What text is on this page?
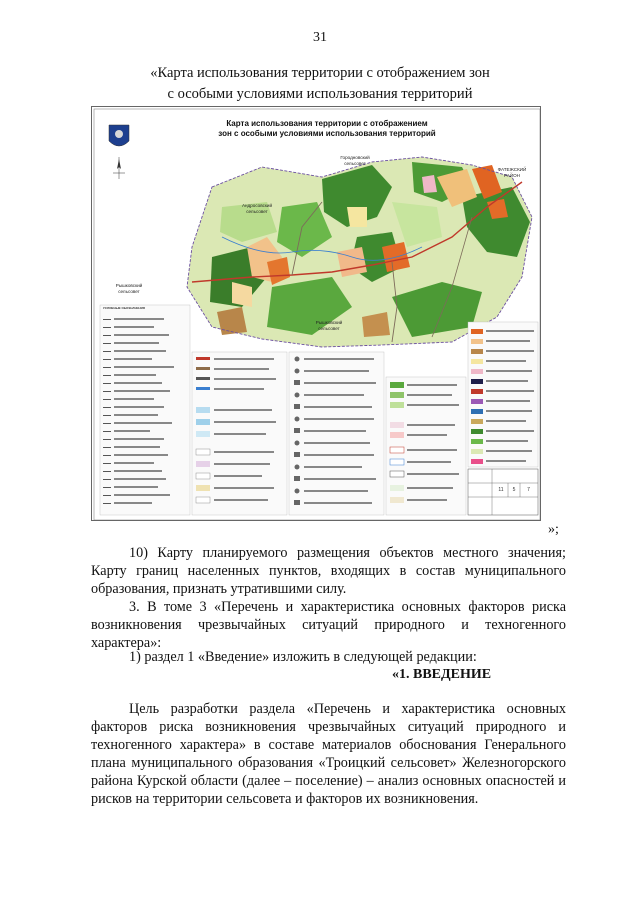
31
«Карта использования территории с отображением зон
с особыми условиями использования территорий
Карта использования территории с отображением
зон с особыми условиями использования территорий
Городновский
сельсовет
ФАТЕЖСКИЙ
РАЙОН
Андросовский
сельсовет
Рышковский
сельсовет
Рышковский
сельсовет
УСЛОВНЫЕ ОБОЗНАЧЕНИЯ
11	5	7
»;
10) Карту планируемого размещения объектов местного значения; Карту границ населенных пунктов, входящих в состав муниципального образования, признать утратившими силу.
3. В томе 3 «Перечень и характеристика основных факторов риска возникновения чрезвычайных ситуаций природного и техногенного характера»:
1) раздел 1 «Введение» изложить в следующей редакции:
«1. ВВЕДЕНИЕ
Цель разработки раздела «Перечень и характеристика основных факторов риска возникновения чрезвычайных ситуаций природного и техногенного характера» в составе материалов обоснования Генерального плана муниципального образования «Троицкий сельсовет» Железногорского района Курской области (далее – поселение) – анализ основных опасностей и рисков на территории сельсовета и факторов их возникновения.
